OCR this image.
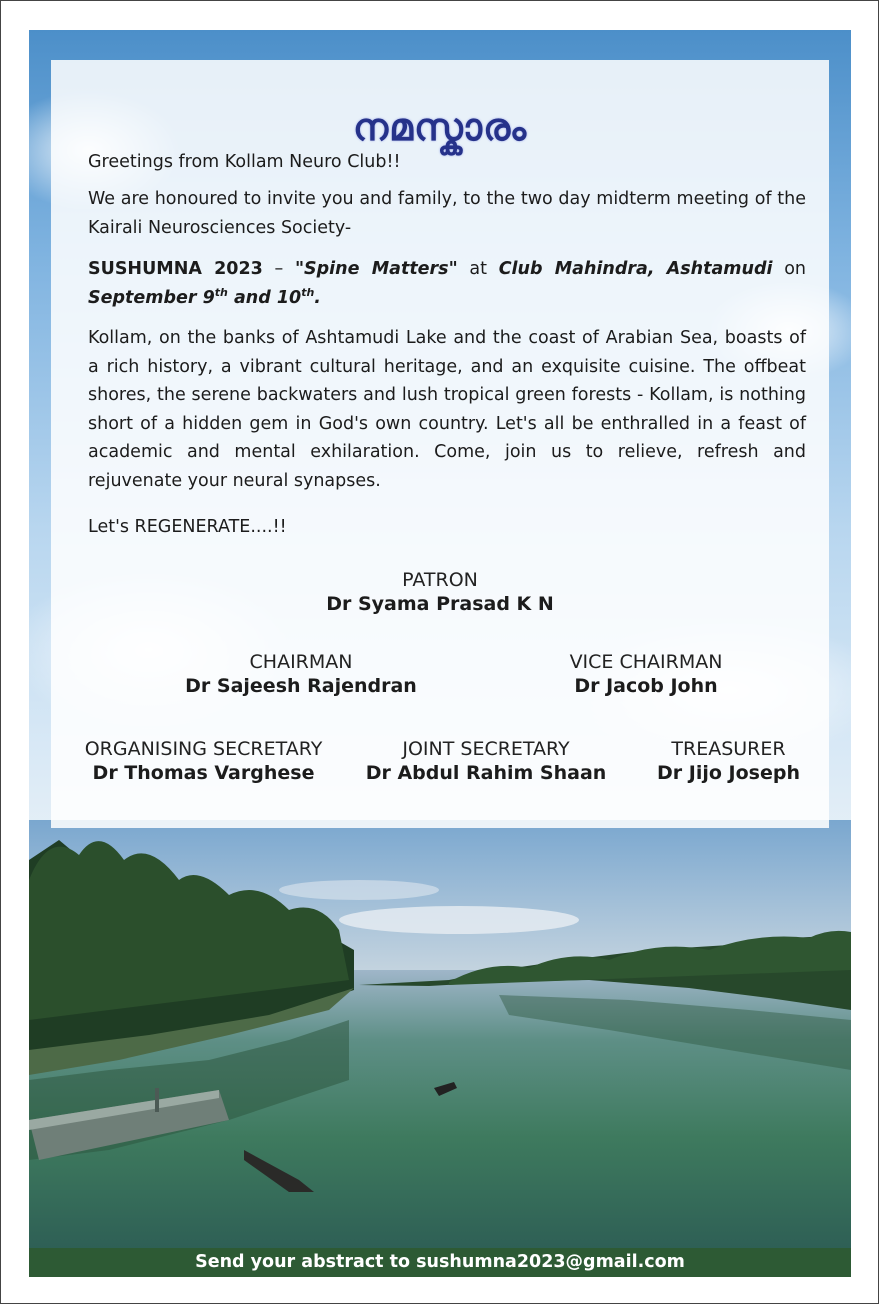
നമസ്കാരം

Greetings from Kollam Neuro Club!!

We are honoured to invite you and family, to the two day midterm meeting of the Kairali Neurosciences Society-

SUSHUMNA 2023 – "Spine Matters" at Club Mahindra, Ashtamudi on September 9th and 10th.

Kollam, on the banks of Ashtamudi Lake and the coast of Arabian Sea, boasts of a rich history, a vibrant cultural heritage, and an exquisite cuisine. The offbeat shores, the serene backwaters and lush tropical green forests - Kollam, is nothing short of a hidden gem in God's own country. Let's all be enthralled in a feast of academic and mental exhilaration. Come, join us to relieve, refresh and rejuvenate your neural synapses.

Let's REGENERATE....!!

PATRON
Dr Syama Prasad K N
CHAIRMAN
Dr Sajeesh Rajendran
VICE CHAIRMAN
Dr Jacob John
ORGANISING SECRETARY
Dr Thomas Varghese
JOINT SECRETARY
Dr Abdul Rahim Shaan
TREASURER
Dr Jijo Joseph
Send your abstract to sushumna2023@gmail.com
